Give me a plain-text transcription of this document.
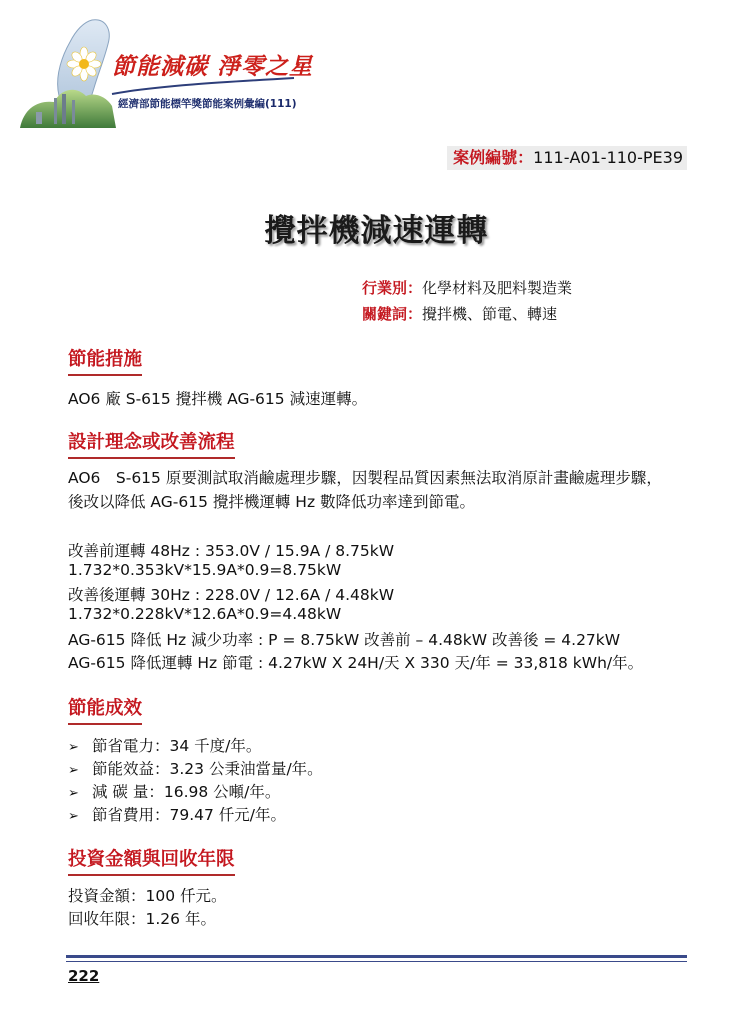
節能減碳 淨零之星
經濟部節能標竿獎節能案例彙編(111)
案例編號：111-A01-110-PE39
攪拌機減速運轉
行業別：化學材料及肥料製造業
關鍵詞：攪拌機、節電、轉速
節能措施
AO6 廠 S-615 攪拌機 AG-615 減速運轉。
設計理念或改善流程
AO6　S-615 原要測試取消鹼處理步驟，因製程品質因素無法取消原計畫鹼處理步驟，
後改以降低 AG-615 攪拌機運轉 Hz 數降低功率達到節電。
改善前運轉 48Hz : 353.0V / 15.9A / 8.75kW
1.732*0.353kV*15.9A*0.9=8.75kW
改善後運轉 30Hz : 228.0V / 12.6A / 4.48kW
1.732*0.228kV*12.6A*0.9=4.48kW
AG-615 降低 Hz 減少功率 : P = 8.75kW 改善前 – 4.48kW 改善後 = 4.27kW
AG-615 降低運轉 Hz 節電 : 4.27kW X 24H/天 X 330 天/年 = 33,818 kWh/年。
節能成效
➢ 節省電力：34 千度/年。
➢ 節能效益：3.23 公秉油當量/年。
➢ 減 碳 量：16.98 公噸/年。
➢ 節省費用：79.47 仟元/年。
投資金額與回收年限
投資金額：100 仟元。
回收年限：1.26 年。
222
